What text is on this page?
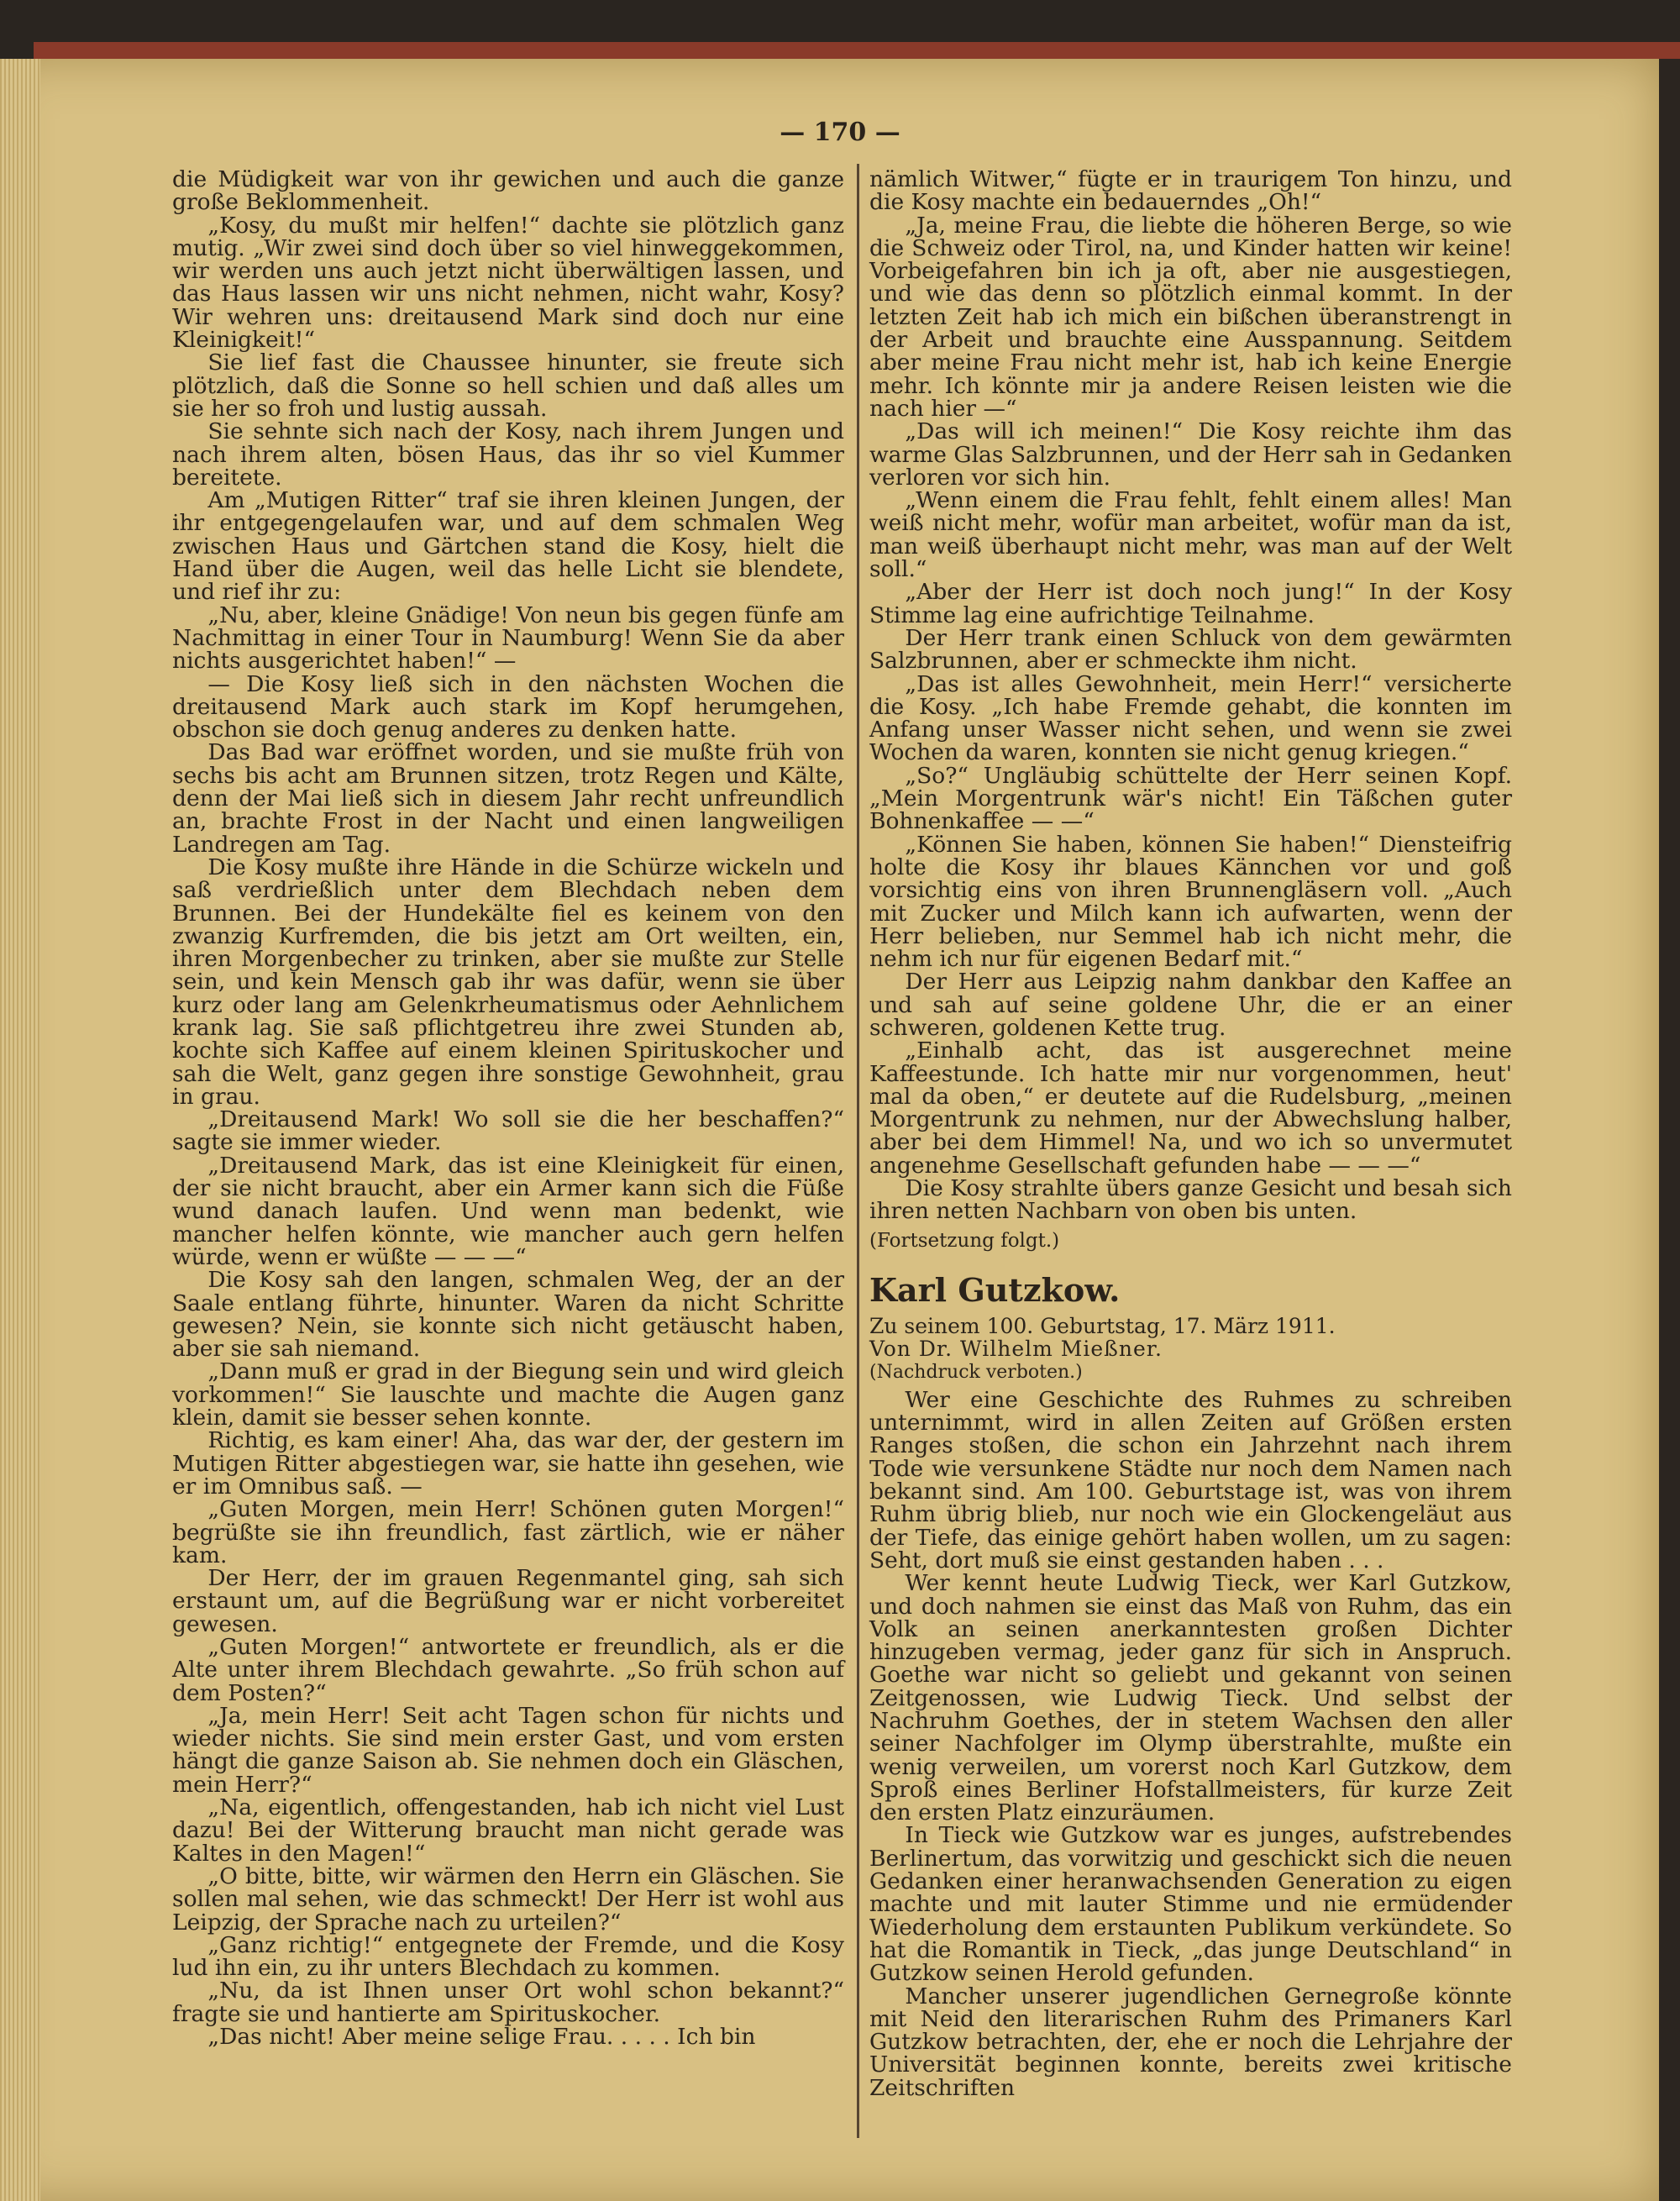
— 170 —

die Müdigkeit war von ihr gewichen und auch die ganze große Beklommenheit.

„Kosy, du mußt mir helfen!“ dachte sie plötzlich ganz mutig. „Wir zwei sind doch über so viel hinweggekommen, wir werden uns auch jetzt nicht überwältigen lassen, und das Haus lassen wir uns nicht nehmen, nicht wahr, Kosy? Wir wehren uns: dreitausend Mark sind doch nur eine Kleinigkeit!“

Sie lief fast die Chaussee hinunter, sie freute sich plötzlich, daß die Sonne so hell schien und daß alles um sie her so froh und lustig aussah.

Sie sehnte sich nach der Kosy, nach ihrem Jungen und nach ihrem alten, bösen Haus, das ihr so viel Kummer bereitete.

Am „Mutigen Ritter“ traf sie ihren kleinen Jungen, der ihr entgegengelaufen war, und auf dem schmalen Weg zwischen Haus und Gärtchen stand die Kosy, hielt die Hand über die Augen, weil das helle Licht sie blendete, und rief ihr zu:

„Nu, aber, kleine Gnädige! Von neun bis gegen fünfe am Nachmittag in einer Tour in Naumburg! Wenn Sie da aber nichts ausgerichtet haben!“ —

— Die Kosy ließ sich in den nächsten Wochen die dreitausend Mark auch stark im Kopf herumgehen, obschon sie doch genug anderes zu denken hatte.

Das Bad war eröffnet worden, und sie mußte früh von sechs bis acht am Brunnen sitzen, trotz Regen und Kälte, denn der Mai ließ sich in diesem Jahr recht unfreundlich an, brachte Frost in der Nacht und einen langweiligen Landregen am Tag.

Die Kosy mußte ihre Hände in die Schürze wickeln und saß verdrießlich unter dem Blechdach neben dem Brunnen. Bei der Hundekälte fiel es keinem von den zwanzig Kurfremden, die bis jetzt am Ort weilten, ein, ihren Morgenbecher zu trinken, aber sie mußte zur Stelle sein, und kein Mensch gab ihr was dafür, wenn sie über kurz oder lang am Gelenkrheumatismus oder Aehnlichem krank lag. Sie saß pflichtgetreu ihre zwei Stunden ab, kochte sich Kaffee auf einem kleinen Spirituskocher und sah die Welt, ganz gegen ihre sonstige Gewohnheit, grau in grau.

„Dreitausend Mark! Wo soll sie die her beschaffen?“ sagte sie immer wieder.

„Dreitausend Mark, das ist eine Kleinigkeit für einen, der sie nicht braucht, aber ein Armer kann sich die Füße wund danach laufen. Und wenn man bedenkt, wie mancher helfen könnte, wie mancher auch gern helfen würde, wenn er wüßte — — —“

Die Kosy sah den langen, schmalen Weg, der an der Saale entlang führte, hinunter. Waren da nicht Schritte gewesen? Nein, sie konnte sich nicht getäuscht haben, aber sie sah niemand.

„Dann muß er grad in der Biegung sein und wird gleich vorkommen!“ Sie lauschte und machte die Augen ganz klein, damit sie besser sehen konnte.

Richtig, es kam einer! Aha, das war der, der gestern im Mutigen Ritter abgestiegen war, sie hatte ihn gesehen, wie er im Omnibus saß. —

„Guten Morgen, mein Herr! Schönen guten Morgen!“ begrüßte sie ihn freundlich, fast zärtlich, wie er näher kam.

Der Herr, der im grauen Regenmantel ging, sah sich erstaunt um, auf die Begrüßung war er nicht vorbereitet gewesen.

„Guten Morgen!“ antwortete er freundlich, als er die Alte unter ihrem Blechdach gewahrte. „So früh schon auf dem Posten?“

„Ja, mein Herr! Seit acht Tagen schon für nichts und wieder nichts. Sie sind mein erster Gast, und vom ersten hängt die ganze Saison ab. Sie nehmen doch ein Gläschen, mein Herr?“

„Na, eigentlich, offengestanden, hab ich nicht viel Lust dazu! Bei der Witterung braucht man nicht gerade was Kaltes in den Magen!“

„O bitte, bitte, wir wärmen den Herrn ein Gläschen. Sie sollen mal sehen, wie das schmeckt! Der Herr ist wohl aus Leipzig, der Sprache nach zu urteilen?“

„Ganz richtig!“ entgegnete der Fremde, und die Kosy lud ihn ein, zu ihr unters Blechdach zu kommen.

„Nu, da ist Ihnen unser Ort wohl schon bekannt?“ fragte sie und hantierte am Spirituskocher.

„Das nicht! Aber meine selige Frau. . . . . Ich bin

nämlich Witwer,“ fügte er in traurigem Ton hinzu, und die Kosy machte ein bedauerndes „Oh!“

„Ja, meine Frau, die liebte die höheren Berge, so wie die Schweiz oder Tirol, na, und Kinder hatten wir keine! Vorbeigefahren bin ich ja oft, aber nie ausgestiegen, und wie das denn so plötzlich einmal kommt. In der letzten Zeit hab ich mich ein bißchen überanstrengt in der Arbeit und brauchte eine Ausspannung. Seitdem aber meine Frau nicht mehr ist, hab ich keine Energie mehr. Ich könnte mir ja andere Reisen leisten wie die nach hier —“

„Das will ich meinen!“ Die Kosy reichte ihm das warme Glas Salzbrunnen, und der Herr sah in Gedanken verloren vor sich hin.

„Wenn einem die Frau fehlt, fehlt einem alles! Man weiß nicht mehr, wofür man arbeitet, wofür man da ist, man weiß überhaupt nicht mehr, was man auf der Welt soll.“

„Aber der Herr ist doch noch jung!“ In der Kosy Stimme lag eine aufrichtige Teilnahme.

Der Herr trank einen Schluck von dem gewärmten Salzbrunnen, aber er schmeckte ihm nicht.

„Das ist alles Gewohnheit, mein Herr!“ versicherte die Kosy. „Ich habe Fremde gehabt, die konnten im Anfang unser Wasser nicht sehen, und wenn sie zwei Wochen da waren, konnten sie nicht genug kriegen.“

„So?“ Ungläubig schüttelte der Herr seinen Kopf. „Mein Morgentrunk wär's nicht! Ein Täßchen guter Bohnenkaffee — —“

„Können Sie haben, können Sie haben!“ Diensteifrig holte die Kosy ihr blaues Kännchen vor und goß vorsichtig eins von ihren Brunnengläsern voll. „Auch mit Zucker und Milch kann ich aufwarten, wenn der Herr belieben, nur Semmel hab ich nicht mehr, die nehm ich nur für eigenen Bedarf mit.“

Der Herr aus Leipzig nahm dankbar den Kaffee an und sah auf seine goldene Uhr, die er an einer schweren, goldenen Kette trug.

„Einhalb acht, das ist ausgerechnet meine Kaffeestunde. Ich hatte mir nur vorgenommen, heut' mal da oben,“ er deutete auf die Rudelsburg, „meinen Morgentrunk zu nehmen, nur der Abwechslung halber, aber bei dem Himmel! Na, und wo ich so unvermutet angenehme Gesellschaft gefunden habe — — —“

Die Kosy strahlte übers ganze Gesicht und besah sich ihren netten Nachbarn von oben bis unten.

(Fortsetzung folgt.)

Karl Gutzkow.

Zu seinem 100. Geburtstag, 17. März 1911.

Von Dr. Wilhelm Mießner.

(Nachdruck verboten.)

Wer eine Geschichte des Ruhmes zu schreiben unternimmt, wird in allen Zeiten auf Größen ersten Ranges stoßen, die schon ein Jahrzehnt nach ihrem Tode wie versunkene Städte nur noch dem Namen nach bekannt sind. Am 100. Geburtstage ist, was von ihrem Ruhm übrig blieb, nur noch wie ein Glockengeläut aus der Tiefe, das einige gehört haben wollen, um zu sagen: Seht, dort muß sie einst gestanden haben . . .

Wer kennt heute Ludwig Tieck, wer Karl Gutzkow, und doch nahmen sie einst das Maß von Ruhm, das ein Volk an seinen anerkanntesten großen Dichter hinzugeben vermag, jeder ganz für sich in Anspruch. Goethe war nicht so geliebt und gekannt von seinen Zeitgenossen, wie Ludwig Tieck. Und selbst der Nachruhm Goethes, der in stetem Wachsen den aller seiner Nachfolger im Olymp überstrahlte, mußte ein wenig verweilen, um vorerst noch Karl Gutzkow, dem Sproß eines Berliner Hofstallmeisters, für kurze Zeit den ersten Platz einzuräumen.

In Tieck wie Gutzkow war es junges, aufstrebendes Berlinertum, das vorwitzig und geschickt sich die neuen Gedanken einer heranwachsenden Generation zu eigen machte und mit lauter Stimme und nie ermüdender Wiederholung dem erstaunten Publikum verkündete. So hat die Romantik in Tieck, „das junge Deutschland“ in Gutzkow seinen Herold gefunden.

Mancher unserer jugendlichen Gernegroße könnte mit Neid den literarischen Ruhm des Primaners Karl Gutzkow betrachten, der, ehe er noch die Lehrjahre der Universität beginnen konnte, bereits zwei kritische Zeitschriften
